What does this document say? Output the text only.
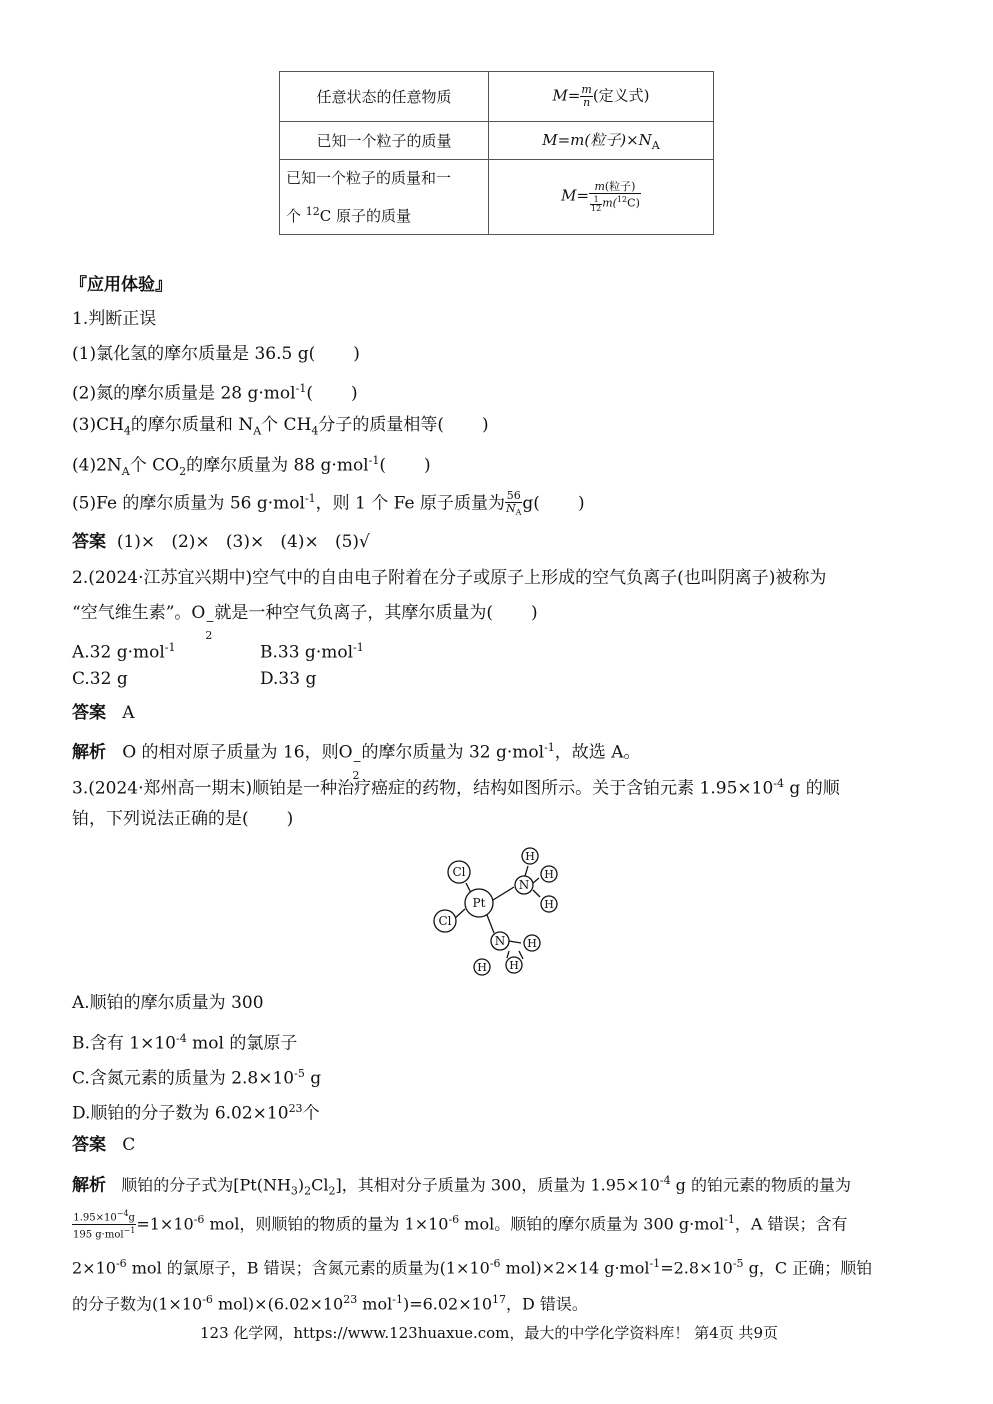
任意状态的任意物质	$M= \frac{m}{n}$ (定义式)
已知一个粒子的质量	M=m(粒子)$\times N_A$
已知一个粒子的质量和一
个 $^{12}$C 原子的质量	$M= \frac{\text{m(粒子)}}{\frac{1}{12} m(^{12}C)}$
『应用体验』
1.判断正误
(1)氯化氢的摩尔质量是 36.5 g( )
(2)氮的摩尔质量是 28 g·mol$^{-1}$( )
$(3)CH_4$的摩尔质量和 $N_A$个 $CH_4$分子的质量相等( )
$(4)2N_A$个 $CO_2$的摩尔质量为 88 g·mol$^{-1}$( )
(5)Fe 的摩尔质量为 56 g·mol$^{-1}$，则 1 个 Fe 原子质量为 $\frac{56}{N_A} g$( )
答案 (1)×   (2)×   (3)×   (4)×   (5)√
2.(2024·江苏宜兴期中)空气中的自由电子附着在分子或原子上形成的空气负离子(也叫阴离子)被称为
“空气维生素”。O −
2
就是一种空气负离子，其摩尔质量为( )
A.32 g·mol$^{-1}$	B.33 g·mol$^{-1}$
C.32 g	D.33 g
答案 A
解析 O 的相对原子质量为 16，则O −
2
的摩尔质量为 32 g·mol$^{-1}$，故选 A。
3.(2024·郑州高一期末)顺铂是一种治疗癌症的药物，结构如图所示。关于含铂元素 $1.95\times 10^{-4}$ g 的顺
铂，下列说法正确的是( )
Cl
Cl
Pt
N
N
H
H
H
H
H H
A.顺铂的摩尔质量为 300
B.含有 $1\times 10^{-4}$ mol 的氯原子
C.含氮元素的质量为 $2.8\times 10^{-5}$ g
D.顺铂的分子数为 $6.02\times 10^{23}$个
答案 C
解析 顺铂的分子式为$[Pt(NH_3)_2Cl_2]$，其相对分子质量为 300，质量为 $1.95\times 10^{-4}$ g 的铂元素的物质的量为
$\frac{1.95\times 10^{-4}g}{195 g\cdot mol^{-1}} =1\times 10^{-6}$ mol，则顺铂的物质的量为 $1\times 10^{-6}$ mol。顺铂的摩尔质量为 300 g·mol$^{-1}$，A 错误；含有
$2\times 10^{-6}$ mol 的氯原子，B 错误；含氮元素的质量为($1\times 10^{-6}$ mol)×2×14 $g\cdot mol^{-1}=2.8\times 10^{-5}$ g，C 正确；顺铂
的分子数为($1\times 10^{-6}$ $mol)\times(6.02\times 10^{23}$ $mol^{-1})=6.02\times 10^{17}$，D 错误。
123 化学网，https://www.123huaxue.com，最大的中学化学资料库！ 第4页 共9页
